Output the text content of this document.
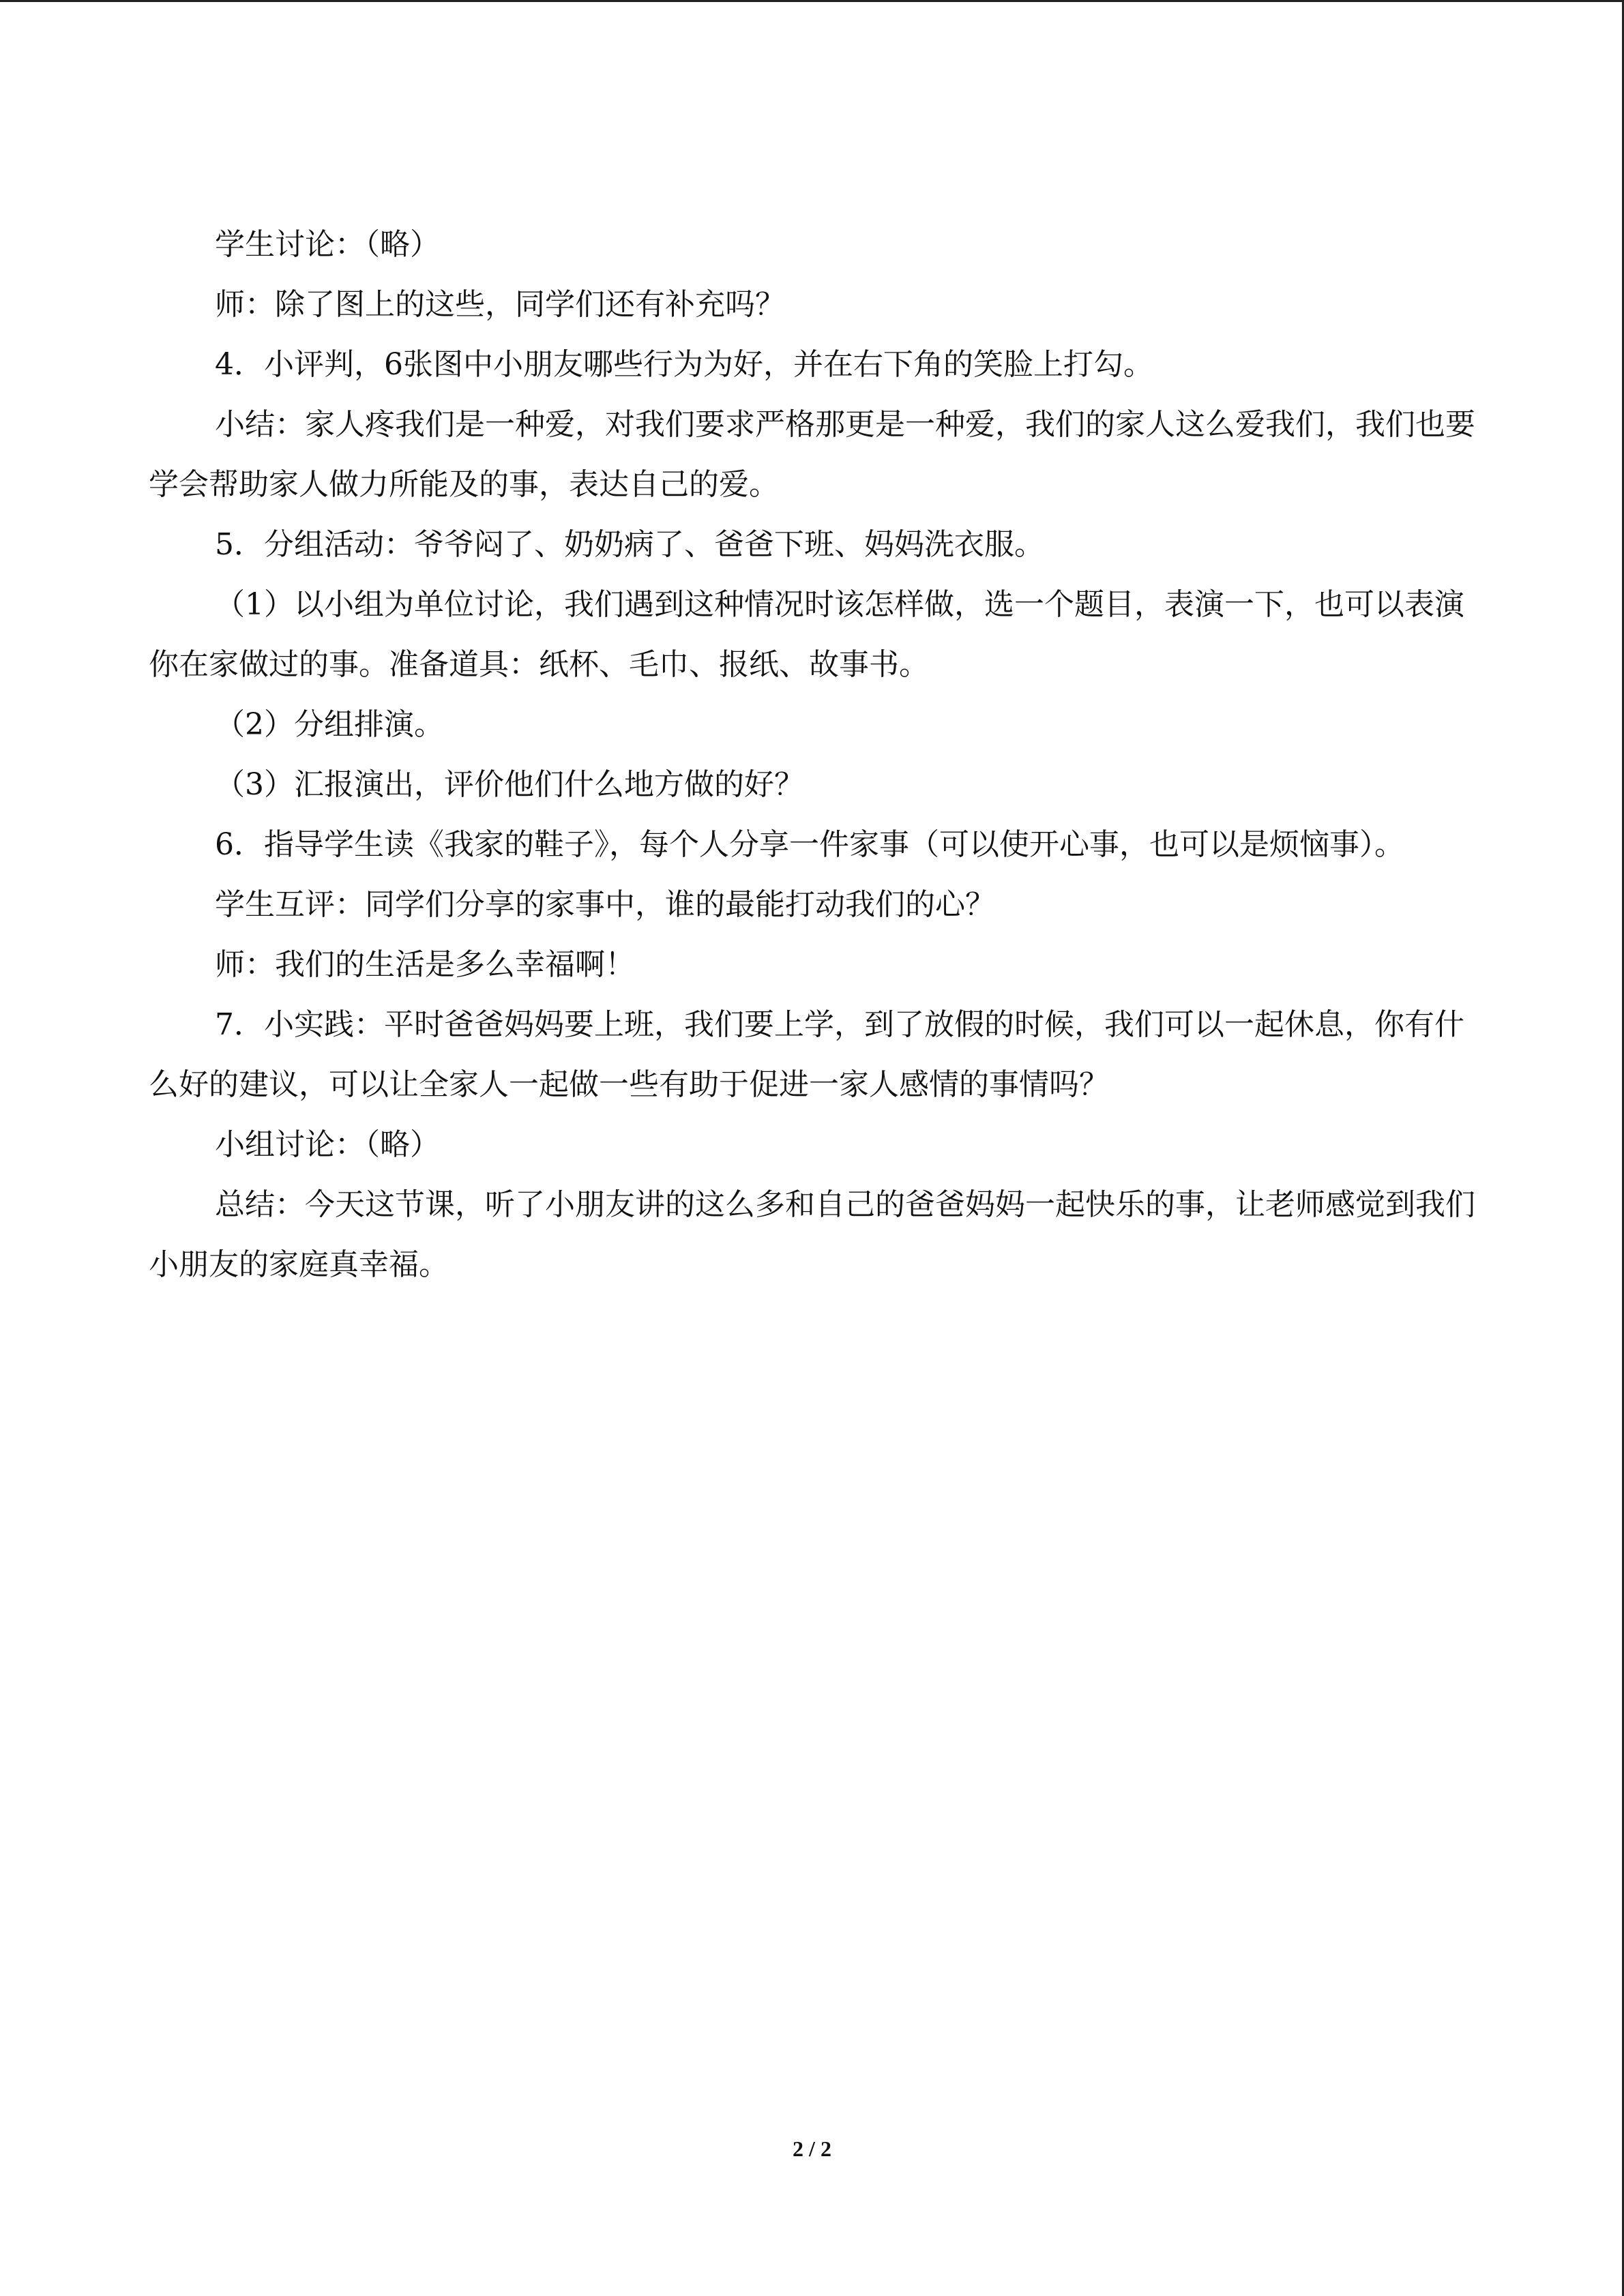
学生讨论：（略）

师：除了图上的这些，同学们还有补充吗？

4．小评判，6张图中小朋友哪些行为为好，并在右下角的笑脸上打勾。

小结：家人疼我们是一种爱，对我们要求严格那更是一种爱，我们的家人这么爱我们，我们也要学会帮助家人做力所能及的事，表达自己的爱。

5．分组活动：爷爷闷了、奶奶病了、爸爸下班、妈妈洗衣服。

（1）以小组为单位讨论，我们遇到这种情况时该怎样做，选一个题目，表演一下，也可以表演你在家做过的事。准备道具：纸杯、毛巾、报纸、故事书。

（2）分组排演。

（3）汇报演出，评价他们什么地方做的好？

6．指导学生读《我家的鞋子》，每个人分享一件家事（可以使开心事，也可以是烦恼事）。

学生互评：同学们分享的家事中，谁的最能打动我们的心？

师：我们的生活是多么幸福啊！

7．小实践：平时爸爸妈妈要上班，我们要上学，到了放假的时候，我们可以一起休息，你有什么好的建议，可以让全家人一起做一些有助于促进一家人感情的事情吗？

小组讨论：（略）

总结：今天这节课，听了小朋友讲的这么多和自己的爸爸妈妈一起快乐的事，让老师感觉到我们小朋友的家庭真幸福。

2 / 2
